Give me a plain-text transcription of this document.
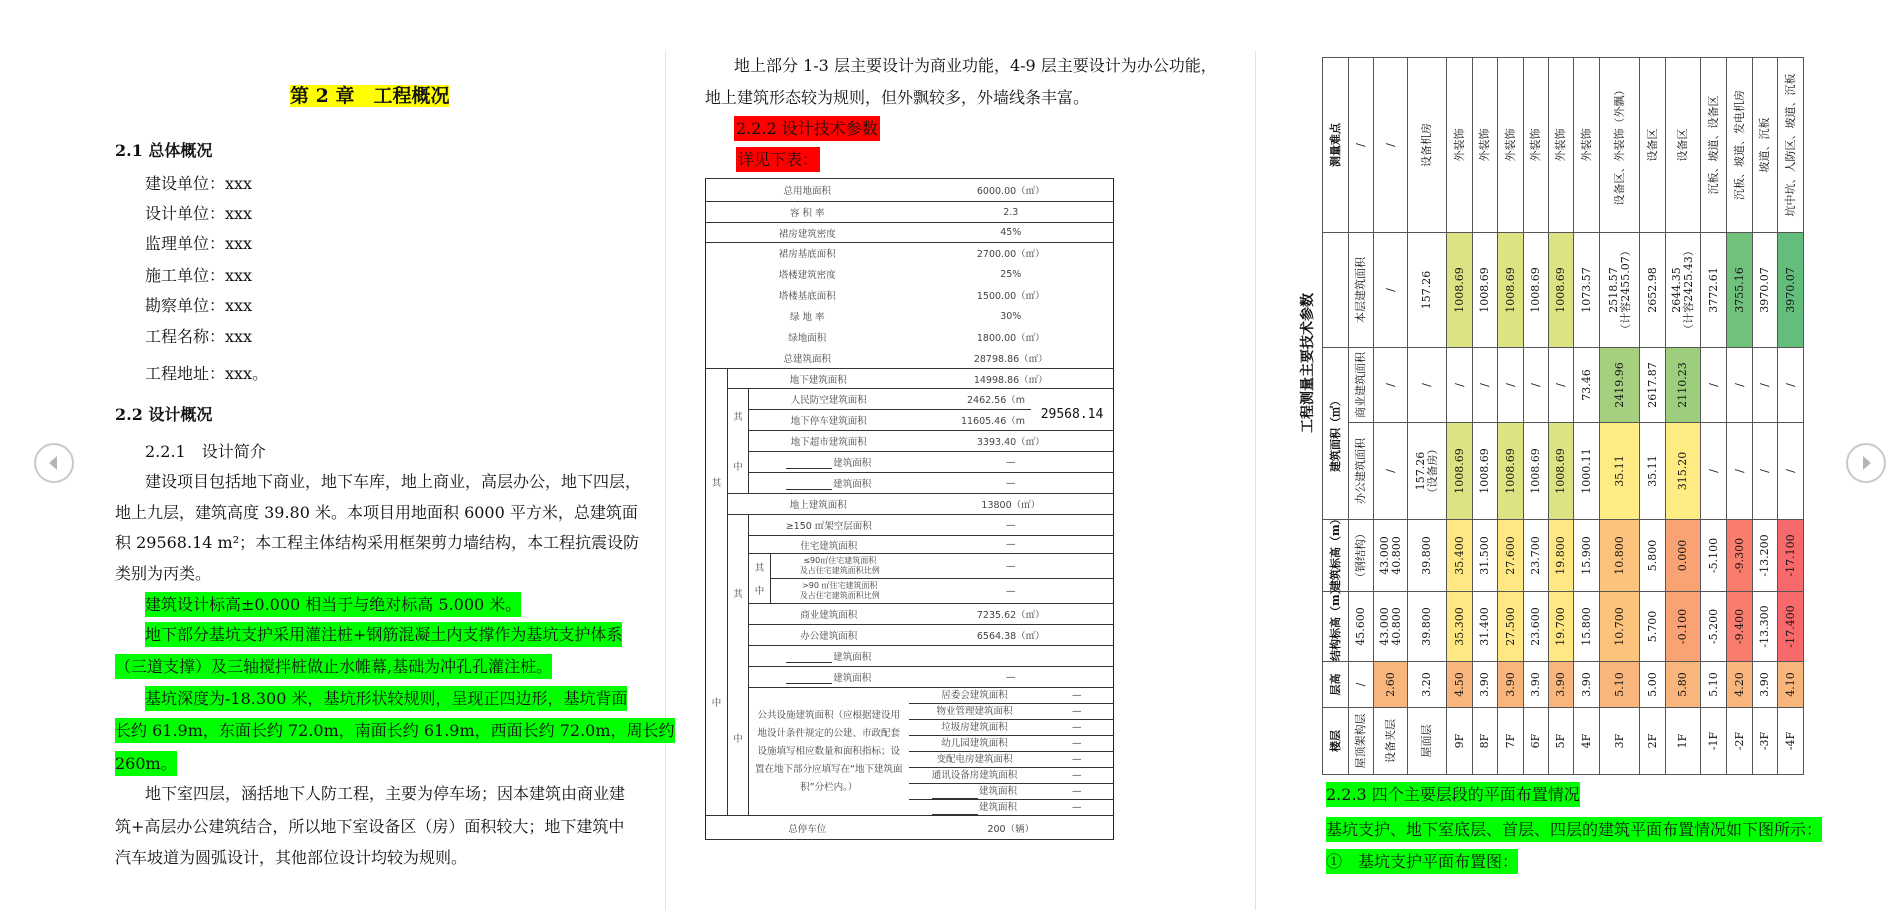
第 2 章　工程概况
2.1 总体概况
建设单位：xxx
设计单位：xxx
监理单位：xxx
施工单位：xxx
勘察单位：xxx
工程名称：xxx
工程地址：xxx。
2.2 设计概况
2.2.1　设计简介
建设项目包括地下商业，地下车库，地上商业，高层办公，地下四层，
地上九层，建筑高度 39.80 米。本项目用地面积 6000 平方米，总建筑面
积 29568.14 m²；本工程主体结构采用框架剪力墙结构，本工程抗震设防
类别为丙类。
建筑设计标高±0.000 相当于与绝对标高 5.000 米。
地下部分基坑支护采用灌注桩+钢筋混凝土内支撑作为基坑支护体系
（三道支撑）及三轴搅拌桩做止水帷幕,基础为冲孔孔灌注桩。
基坑深度为-18.300 米，基坑形状较规则，呈现正四边形，基坑背面
长约 61.9m，东面长约 72.0m，南面长约 61.9m，西面长约 72.0m，周长约
260m。
地下室四层，涵括地下人防工程，主要为停车场；因本建筑由商业建
筑+高层办公建筑结合，所以地下室设备区（房）面积较大；地下建筑中
汽车坡道为圆弧设计，其他部位设计均较为规则。
地上部分 1-3 层主要设计为商业功能，4-9 层主要设计为办公功能，
地上建筑形态较为规则，但外飘较多，外墙线条丰富。
2.2.2 设计技术参数
详见下表：
总用地面积	6000.00（㎡）
容 积 率	2.3
裙房建筑密度	45%
裙房基底面积	2700.00（㎡）
塔楼建筑密度	25%
塔楼基底面积	1500.00（㎡）
绿 地 率	30%
绿地面积	1800.00（㎡）
总建筑面积	28798.86（㎡）

其
中
	地下建筑面积	14998.86（㎡）

其
中
	人民防空建筑面积	2462.56（m
地下停车建筑面积	11605.46（m
地下超市建筑面积	3393.40（㎡）
建筑面积	—
建筑面积	—
地上建筑面积	13800（㎡）

其
中
	≥150 ㎡架空层面积	—
住宅建筑面积	—

其
中
	≤90㎡住宅建筑面积
及占住宅建筑面积比例	—
>90 ㎡住宅建筑面积
及占住宅建筑面积比例	—
商业建筑面积	7235.62（㎡）
办公建筑面积	6564.38（㎡）
建筑面积	
建筑面积	—
公共设施建筑面积（应根据建设用地设计条件规定的公建、市政配套设施填写相应数量和面积指标；设置在地下部分应填写在“地下建筑面积”分栏内。）	居委会建筑面积	—
物业管理建筑面积	—
垃圾房建筑面积	—
幼儿园建筑面积	—
变配电房建筑面积	—
通讯设备房建筑面积	—
建筑面积	—
建筑面积	—
总停车位	200（辆）
29568.14	工程测量主要技术参数
楼层	层高	结构标高（m）	建筑标高（m）	建筑面积（㎡）		测量难点
屋顶架构层	/	45.600	（钢结构）	办公建筑面积	商业建筑面积	本层建筑面积	/
设备夹层	2.60	43.000
40.800	43.000
40.800	/	/	/	/
屋面层	3.20	39.800	39.800	157.26
（设备房）	/	157.26	设备机房
9F	4.50	35.300	35.400	1008.69	/	1008.69	外装饰
8F	3.90	31.400	31.500	1008.69	/	1008.69	外装饰
7F	3.90	27.500	27.600	1008.69	/	1008.69	外装饰
6F	3.90	23.600	23.700	1008.69	/	1008.69	外装饰
5F	3.90	19.700	19.800	1008.69	/	1008.69	外装饰
4F	3.90	15.800	15.900	1000.11	73.46	1073.57	外装饰
3F	5.10	10.700	10.800	35.11	2419.96	2518.57
（计容2455.07）	设备区、外装饰（外飘）
2F	5.00	5.700	5.800	35.11	2617.87	2652.98	设备区
1F	5.80	-0.100	0.000	315.20	2110.23	2644.35
（计容2425.43）	设备区
-1F	5.10	-5.200	-5.100	/	/	3772.61	沉板、坡道、设备区
-2F	4.20	-9.400	-9.300	/	/	3755.16	沉板、坡道、发电机房
-3F	3.90	-13.300	-13.200	/	/	3970.07	坡道、沉板
-4F	4.10	-17.400	-17.100	/	/	3970.07	坑中坑、人防区、坡道、沉板
2.2.3 四个主要层段的平面布置情况
基坑支护、地下室底层、首层、四层的建筑平面布置情况如下图所示：
①　基坑支护平面布置图：
